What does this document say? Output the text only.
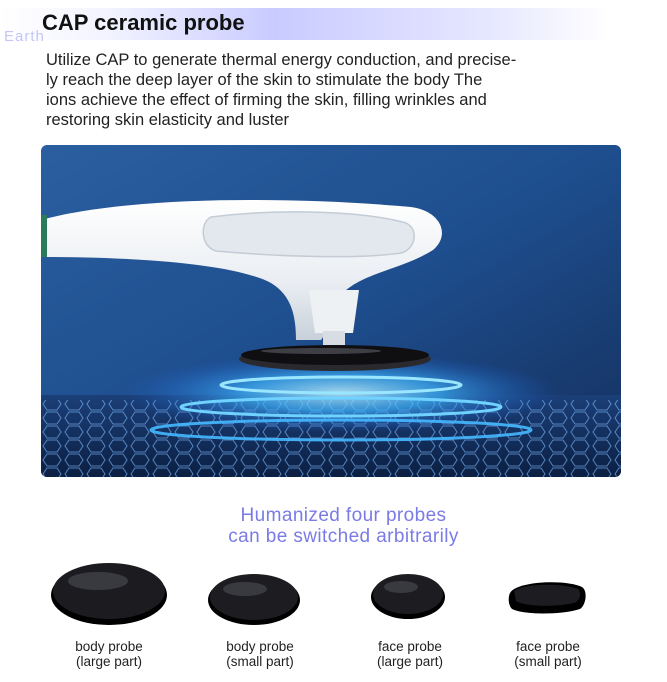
Earth
CAP ceramic probe
Utilize CAP to generate thermal energy conduction, and precise-
ly reach the deep layer of the skin to stimulate the body The
ions achieve the effect of firming the skin, filling wrinkles and
restoring skin elasticity and luster
Humanized four probes
can be switched arbitrarily
body probe
(large part)
body probe
(small part)
face probe
(large part)
face probe
(small part)
